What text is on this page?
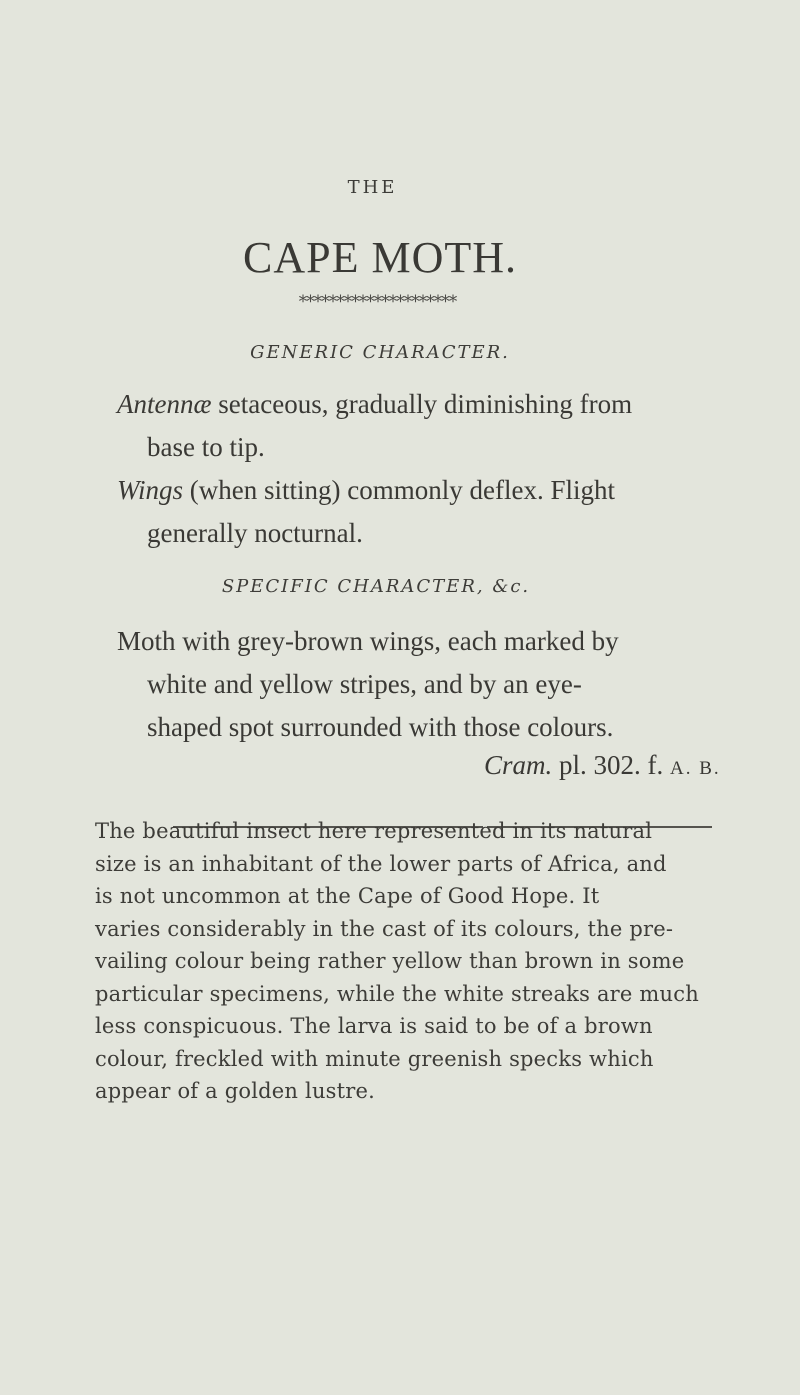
THE
CAPE MOTH.
*********************
GENERIC CHARACTER.
Antennæ setaceous, gradually diminishing from
base to tip.
Wings (when sitting) commonly deflex. Flight
generally nocturnal.
SPECIFIC CHARACTER, &c.
Moth with grey-brown wings, each marked by
white and yellow stripes, and by an eye-
shaped spot surrounded with those colours.
Cram. pl. 302. f. A. B.
The beautiful insect here represented in its natural
size is an inhabitant of the lower parts of Africa, and
is not uncommon at the Cape of Good Hope. It
varies considerably in the cast of its colours, the pre-
vailing colour being rather yellow than brown in some
particular specimens, while the white streaks are much
less conspicuous. The larva is said to be of a brown
colour, freckled with minute greenish specks which
appear of a golden lustre.
